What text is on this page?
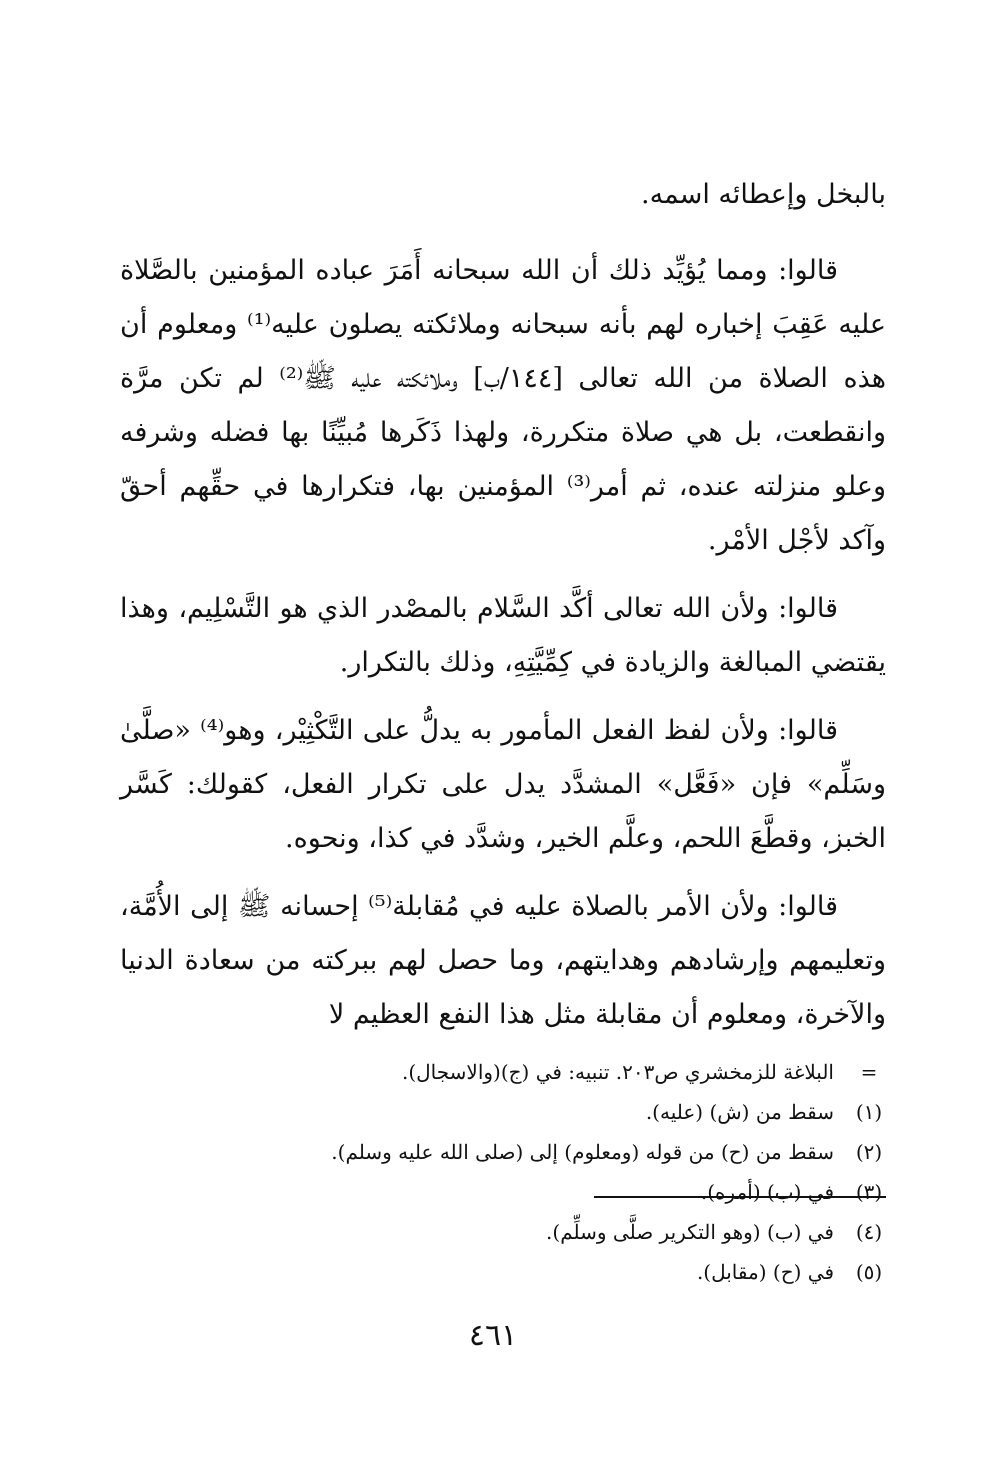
بالبخل وإعطائه اسمه.

قالوا: ومما يُؤيِّد ذلك أن الله سبحانه أَمَرَ عباده المؤمنين بالصَّلاة عليه عَقِبَ إخباره لهم بأنه سبحانه وملائكته يصلون عليه⁽¹⁾ ومعلوم أن هذه الصلاة من الله تعالى [١٤٤/ب] وملائكته عليه ﷺ⁽²⁾ لم تكن مرَّة وانقطعت، بل هي صلاة متكررة، ولهذا ذَكَرها مُبيِّنًا بها فضله وشرفه وعلو منزلته عنده، ثم أمر⁽³⁾ المؤمنين بها، فتكرارها في حقِّهم أحقّ وآكد لأجْل الأمْر.

قالوا: ولأن الله تعالى أكَّد السَّلام بالمصْدر الذي هو التَّسْلِيم، وهذا يقتضي المبالغة والزيادة في كِمِّيَّتِهِ، وذلك بالتكرار.

قالوا: ولأن لفظ الفعل المأمور به يدلُّ على التَّكْثِيْر، وهو⁽⁴⁾ «صلَّىٰ وسَلِّم» فإن «فَعَّل» المشدَّد يدل على تكرار الفعل، كقولك: كَسَّر الخبز، وقطَّعَ اللحم، وعلَّم الخير، وشدَّد في كذا، ونحوه.

قالوا: ولأن الأمر بالصلاة عليه في مُقابلة⁽⁵⁾ إحسانه ﷺ إلى الأُمَّة، وتعليمهم وإرشادهم وهدايتهم، وما حصل لهم ببركته من سعادة الدنيا والآخرة، ومعلوم أن مقابلة مثل هذا النفع العظيم لا

=
البلاغة للزمخشري ص٢٠٣. تنبيه: في (ج)(والاسجال).
(١)
سقط من (ش) (عليه).
(٢)
سقط من (ح) من قوله (ومعلوم) إلى (صلى الله عليه وسلم).
(٣)
في (ب) (أمره).
(٤)
في (ب) (وهو التكرير صلَّى وسلِّم).
(٥)
في (ح) (مقابل).
٤٦١
